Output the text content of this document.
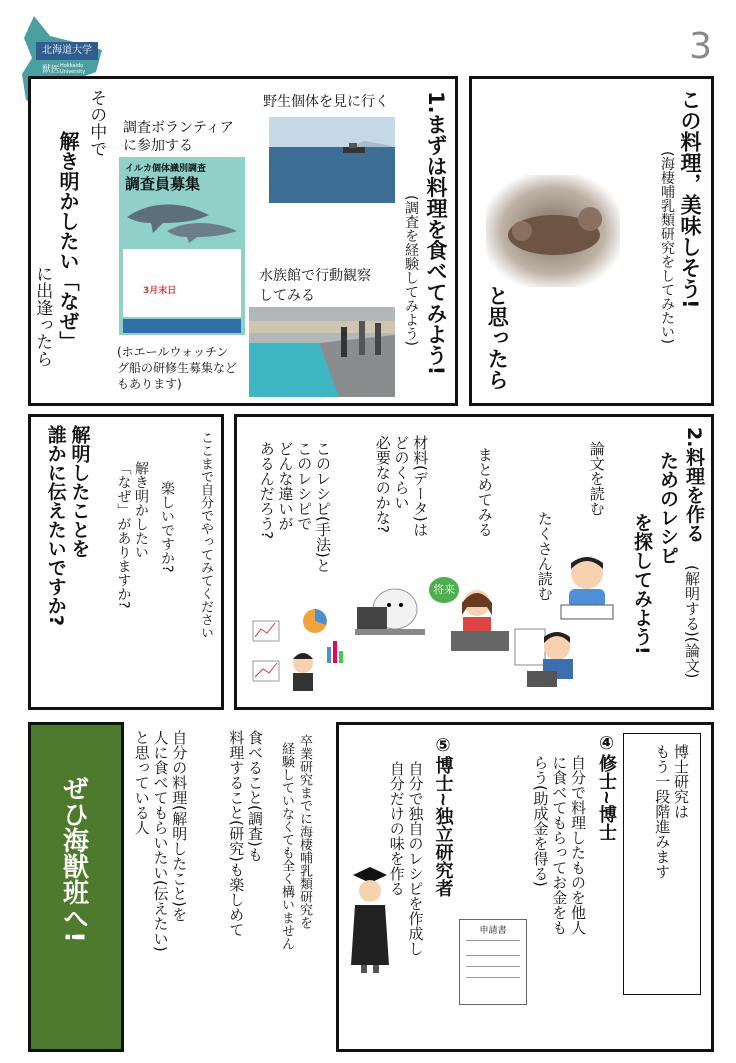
北海道大学
獣医 Hokkaido University
3
この料理，美味しそう!
(海棲哺乳類研究をしてみたい)
と思ったら
1.まずは料理を食べてみよう!
(調査を経験してみよう)
野生個体を見に行く
調査ボランティア
に参加する
イルカ個体識別調査
調査員募集
3月末日
水族館で行動観察
してみる
(ホエールウォッチン
グ船の研修生募集など
もあります)
その中で
解き明かしたい「なぜ」
に出逢ったら
2.料理を作る
ためのレシピ
を探してみよう! (解明する)(論文)
論文を読む
たくさん読む
まとめてみる
材料(データ)は
どのくらい
必要なのかな?
このレシピ(手法)と
このレシピで
どんな違いが
あるんだろう?
将来
ここまで自分でやってみてください
楽しいですか?
解き明かしたい
「なぜ」がありますか?
解明したことを
誰かに伝えたいですか?
ぜひ海獣班へ!	卒業研究までに海棲哺乳類研究を
経験していなくても全く構いません
食べること(調査)も
料理すること(研究)も楽しめて
自分の料理(解明したこと)を
人に食べてもらいたい(伝えたい)
と思っている人	博士研究は
もう一段階進みます
④修士~博士
自分で料理したものを他人
に食べてもらってお金をも
らう(助成金を得る)
⑤博士~独立研究者
自分で独自のレシピを作成し
自分だけの味を作る
申請書
